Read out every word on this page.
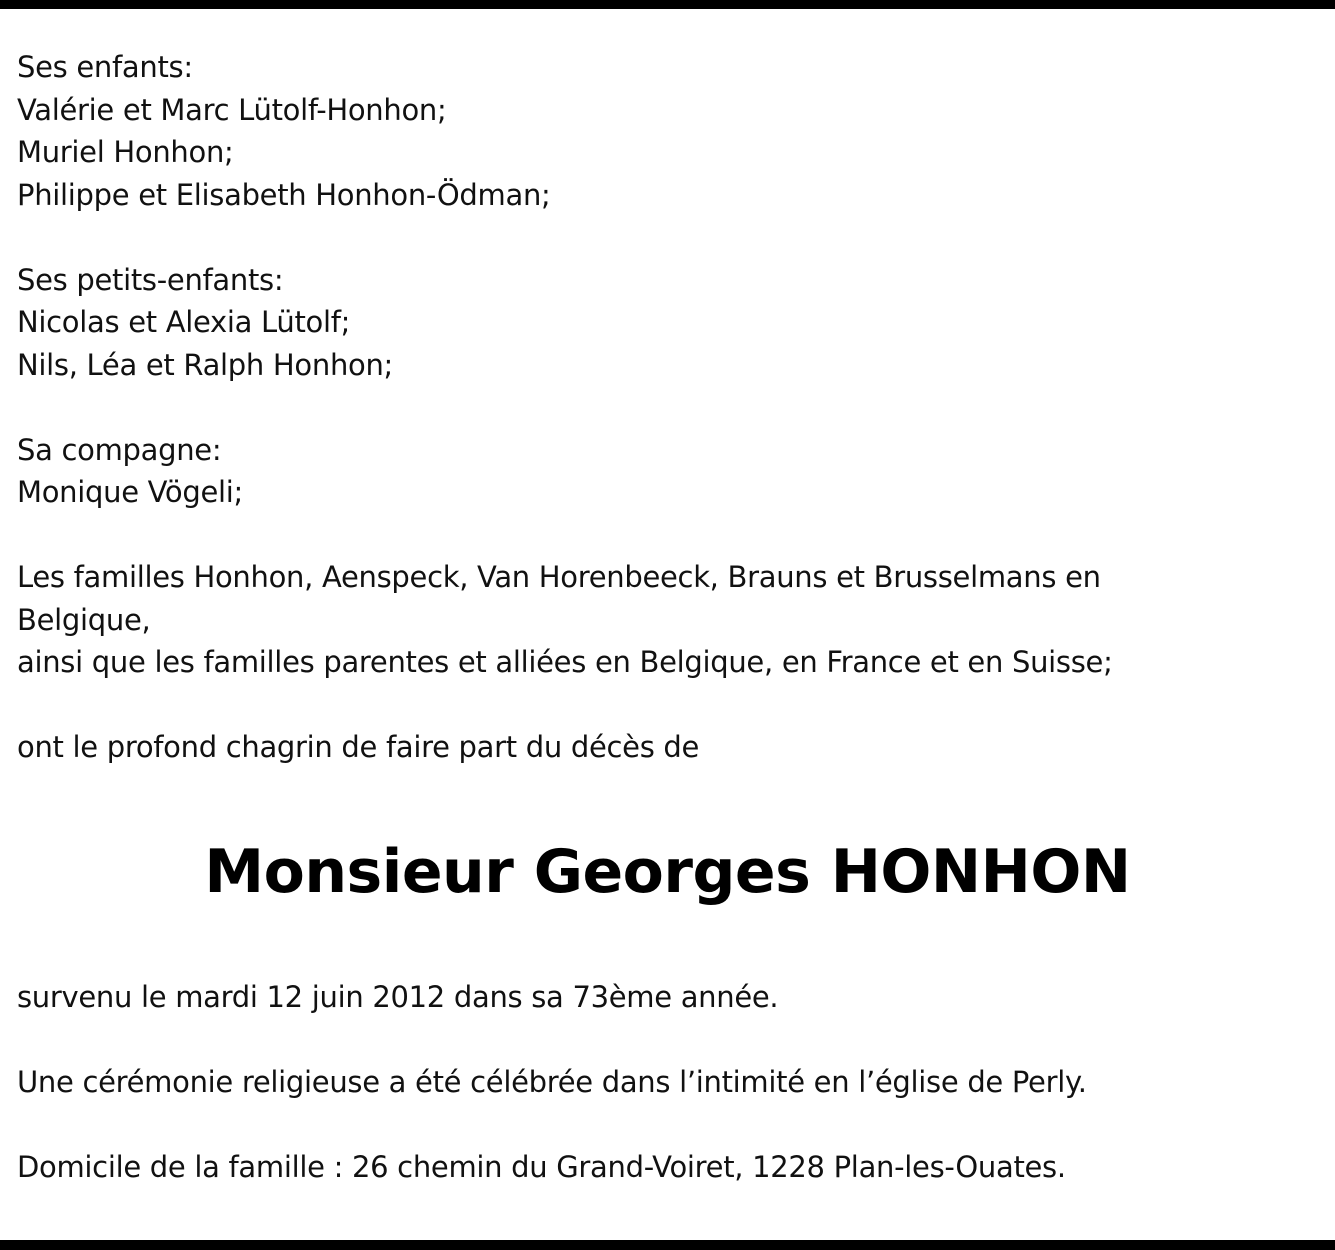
Ses enfants:
Valérie et Marc Lütolf-Honhon;
Muriel Honhon;
Philippe et Elisabeth Honhon-Ödman;
Ses petits-enfants:
Nicolas et Alexia Lütolf;
Nils, Léa et Ralph Honhon;
Sa compagne:
Monique Vögeli;
Les familles Honhon, Aenspeck, Van Horenbeeck, Brauns et Brusselmans en
Belgique,
ainsi que les familles parentes et alliées en Belgique, en France et en Suisse;
ont le profond chagrin de faire part du décès de
Monsieur Georges HONHON
survenu le mardi 12 juin 2012 dans sa 73ème année.
Une cérémonie religieuse a été célébrée dans l’intimité en l’église de Perly.
Domicile de la famille : 26 chemin du Grand-Voiret, 1228 Plan-les-Ouates.
